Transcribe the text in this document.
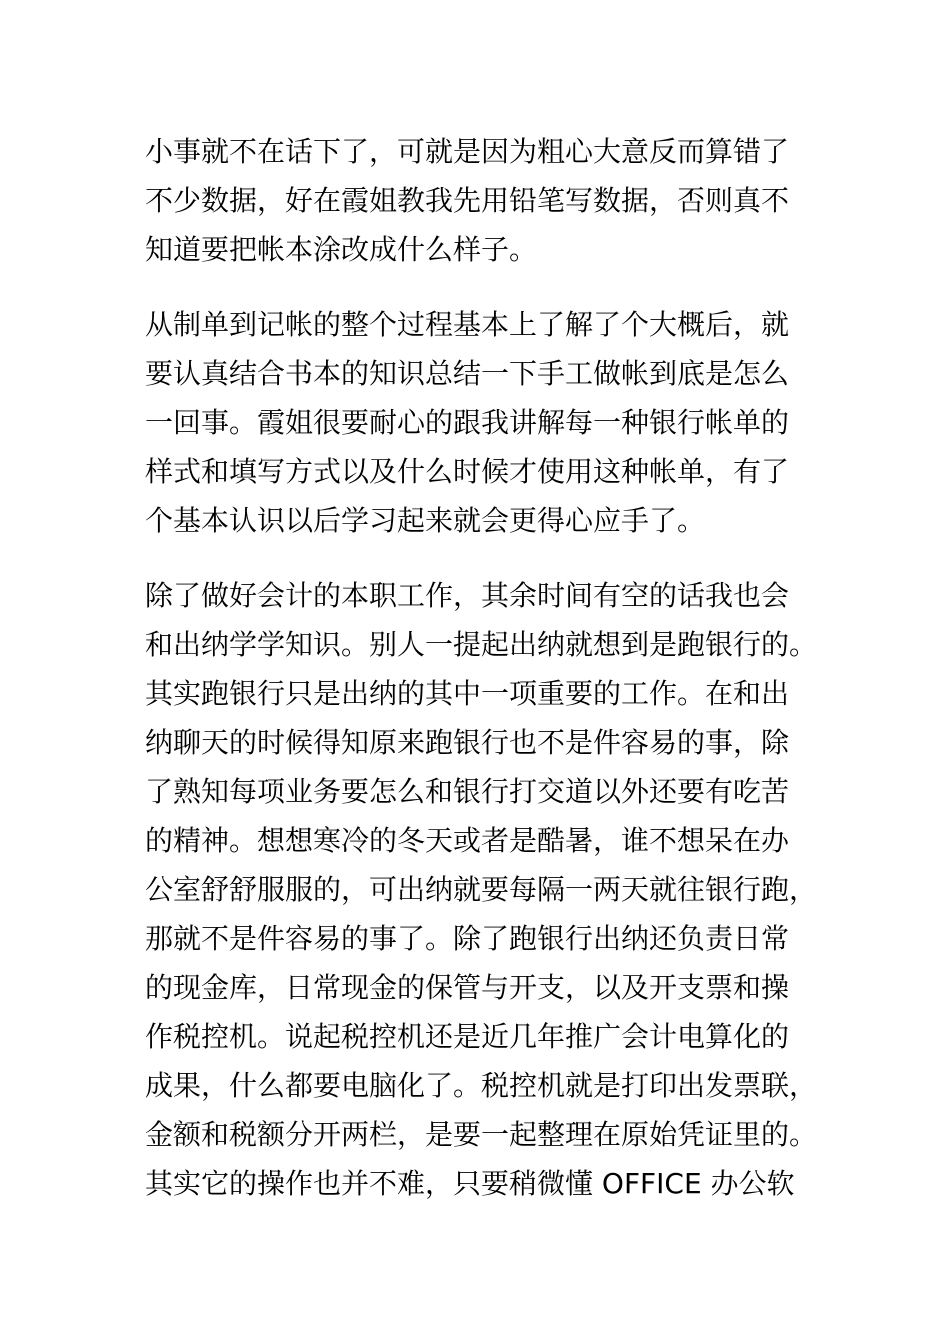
小事就不在话下了，可就是因为粗心大意反而算错了
不少数据，好在霞姐教我先用铅笔写数据，否则真不
知道要把帐本涂改成什么样子。
从制单到记帐的整个过程基本上了解了个大概后，就
要认真结合书本的知识总结一下手工做帐到底是怎么
一回事。霞姐很要耐心的跟我讲解每一种银行帐单的
样式和填写方式以及什么时候才使用这种帐单，有了
个基本认识以后学习起来就会更得心应手了。
除了做好会计的本职工作，其余时间有空的话我也会
和出纳学学知识。别人一提起出纳就想到是跑银行的。
其实跑银行只是出纳的其中一项重要的工作。在和出
纳聊天的时候得知原来跑银行也不是件容易的事，除
了熟知每项业务要怎么和银行打交道以外还要有吃苦
的精神。想想寒冷的冬天或者是酷暑，谁不想呆在办
公室舒舒服服的，可出纳就要每隔一两天就往银行跑，
那就不是件容易的事了。除了跑银行出纳还负责日常
的现金库，日常现金的保管与开支，以及开支票和操
作税控机。说起税控机还是近几年推广会计电算化的
成果，什么都要电脑化了。税控机就是打印出发票联，
金额和税额分开两栏，是要一起整理在原始凭证里的。
其实它的操作也并不难，只要稍微懂 OFFICE 办公软
